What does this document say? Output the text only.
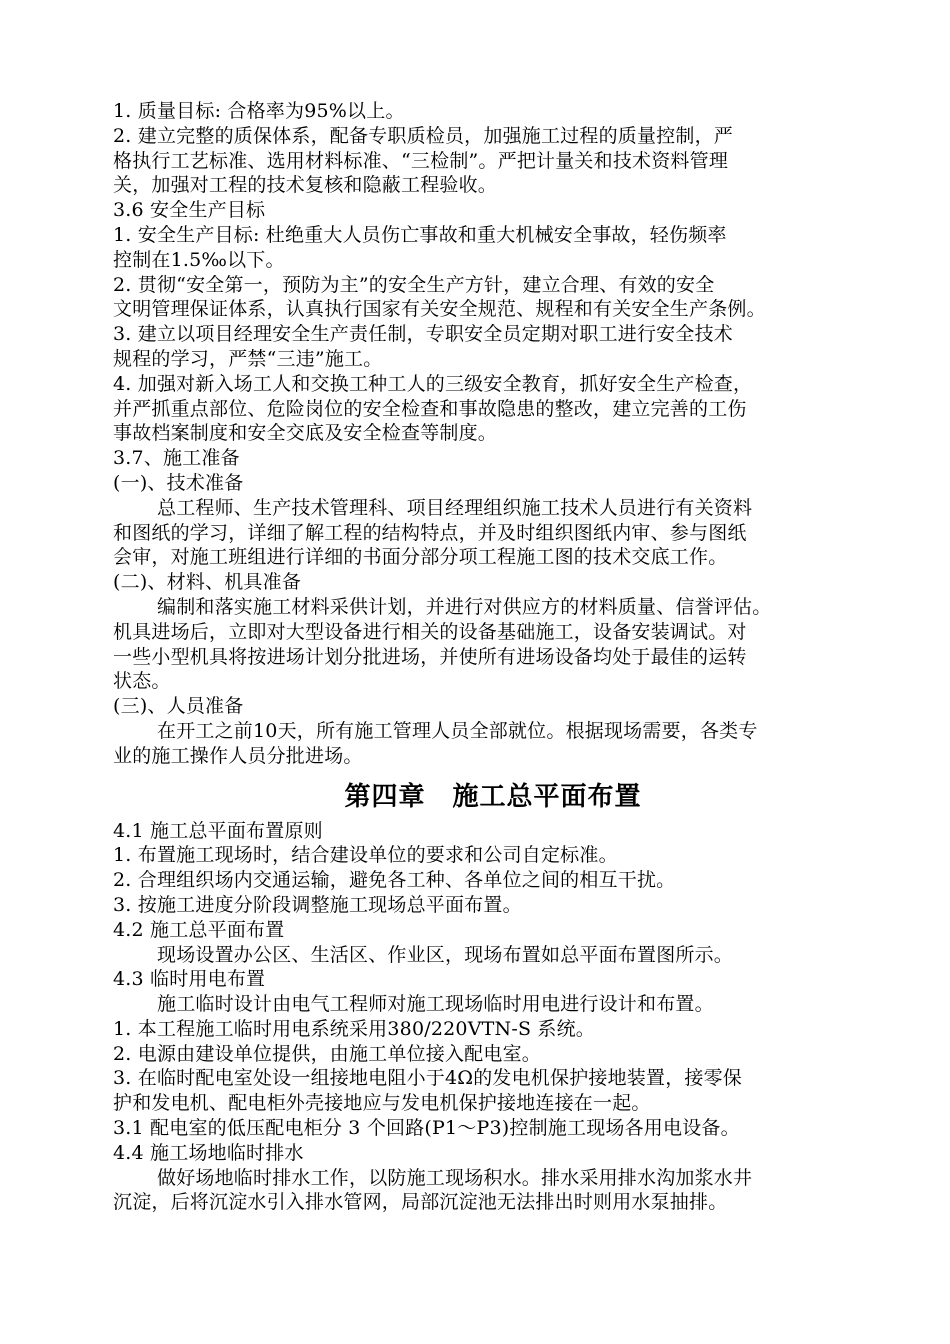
1. 质量目标: 合格率为95%以上。
2. 建立完整的质保体系，配备专职质检员，加强施工过程的质量控制，严
格执行工艺标准、选用材料标准、“三检制”。严把计量关和技术资料管理
关，加强对工程的技术复核和隐蔽工程验收。
3.6 安全生产目标
1. 安全生产目标: 杜绝重大人员伤亡事故和重大机械安全事故，轻伤频率
控制在1.5‰以下。
2. 贯彻“安全第一，预防为主”的安全生产方针，建立合理、有效的安全
文明管理保证体系，认真执行国家有关安全规范、规程和有关安全生产条例。
3. 建立以项目经理安全生产责任制，专职安全员定期对职工进行安全技术
规程的学习，严禁“三违”施工。
4. 加强对新入场工人和交换工种工人的三级安全教育，抓好安全生产检查，
并严抓重点部位、危险岗位的安全检查和事故隐患的整改，建立完善的工伤
事故档案制度和安全交底及安全检查等制度。
3.7、施工准备
(一)、技术准备
总工程师、生产技术管理科、项目经理组织施工技术人员进行有关资料
和图纸的学习，详细了解工程的结构特点，并及时组织图纸内审、参与图纸
会审，对施工班组进行详细的书面分部分项工程施工图的技术交底工作。
(二)、材料、机具准备
编制和落实施工材料采供计划，并进行对供应方的材料质量、信誉评估。
机具进场后，立即对大型设备进行相关的设备基础施工，设备安装调试。对
一些小型机具将按进场计划分批进场，并使所有进场设备均处于最佳的运转
状态。
(三)、人员准备
在开工之前10天，所有施工管理人员全部就位。根据现场需要，各类专
业的施工操作人员分批进场。
第四章　施工总平面布置
4.1 施工总平面布置原则
1. 布置施工现场时，结合建设单位的要求和公司自定标准。
2. 合理组织场内交通运输，避免各工种、各单位之间的相互干扰。
3. 按施工进度分阶段调整施工现场总平面布置。
4.2 施工总平面布置
现场设置办公区、生活区、作业区，现场布置如总平面布置图所示。
4.3 临时用电布置
施工临时设计由电气工程师对施工现场临时用电进行设计和布置。
1. 本工程施工临时用电系统采用380/220VTN-S 系统。
2. 电源由建设单位提供，由施工单位接入配电室。
3. 在临时配电室处设一组接地电阻小于4Ω的发电机保护接地装置，接零保
护和发电机、配电柜外壳接地应与发电机保护接地连接在一起。
3.1 配电室的低压配电柜分 3 个回路(P1～P3)控制施工现场各用电设备。
4.4 施工场地临时排水
做好场地临时排水工作，以防施工现场积水。排水采用排水沟加浆水井
沉淀，后将沉淀水引入排水管网，局部沉淀池无法排出时则用水泵抽排。
